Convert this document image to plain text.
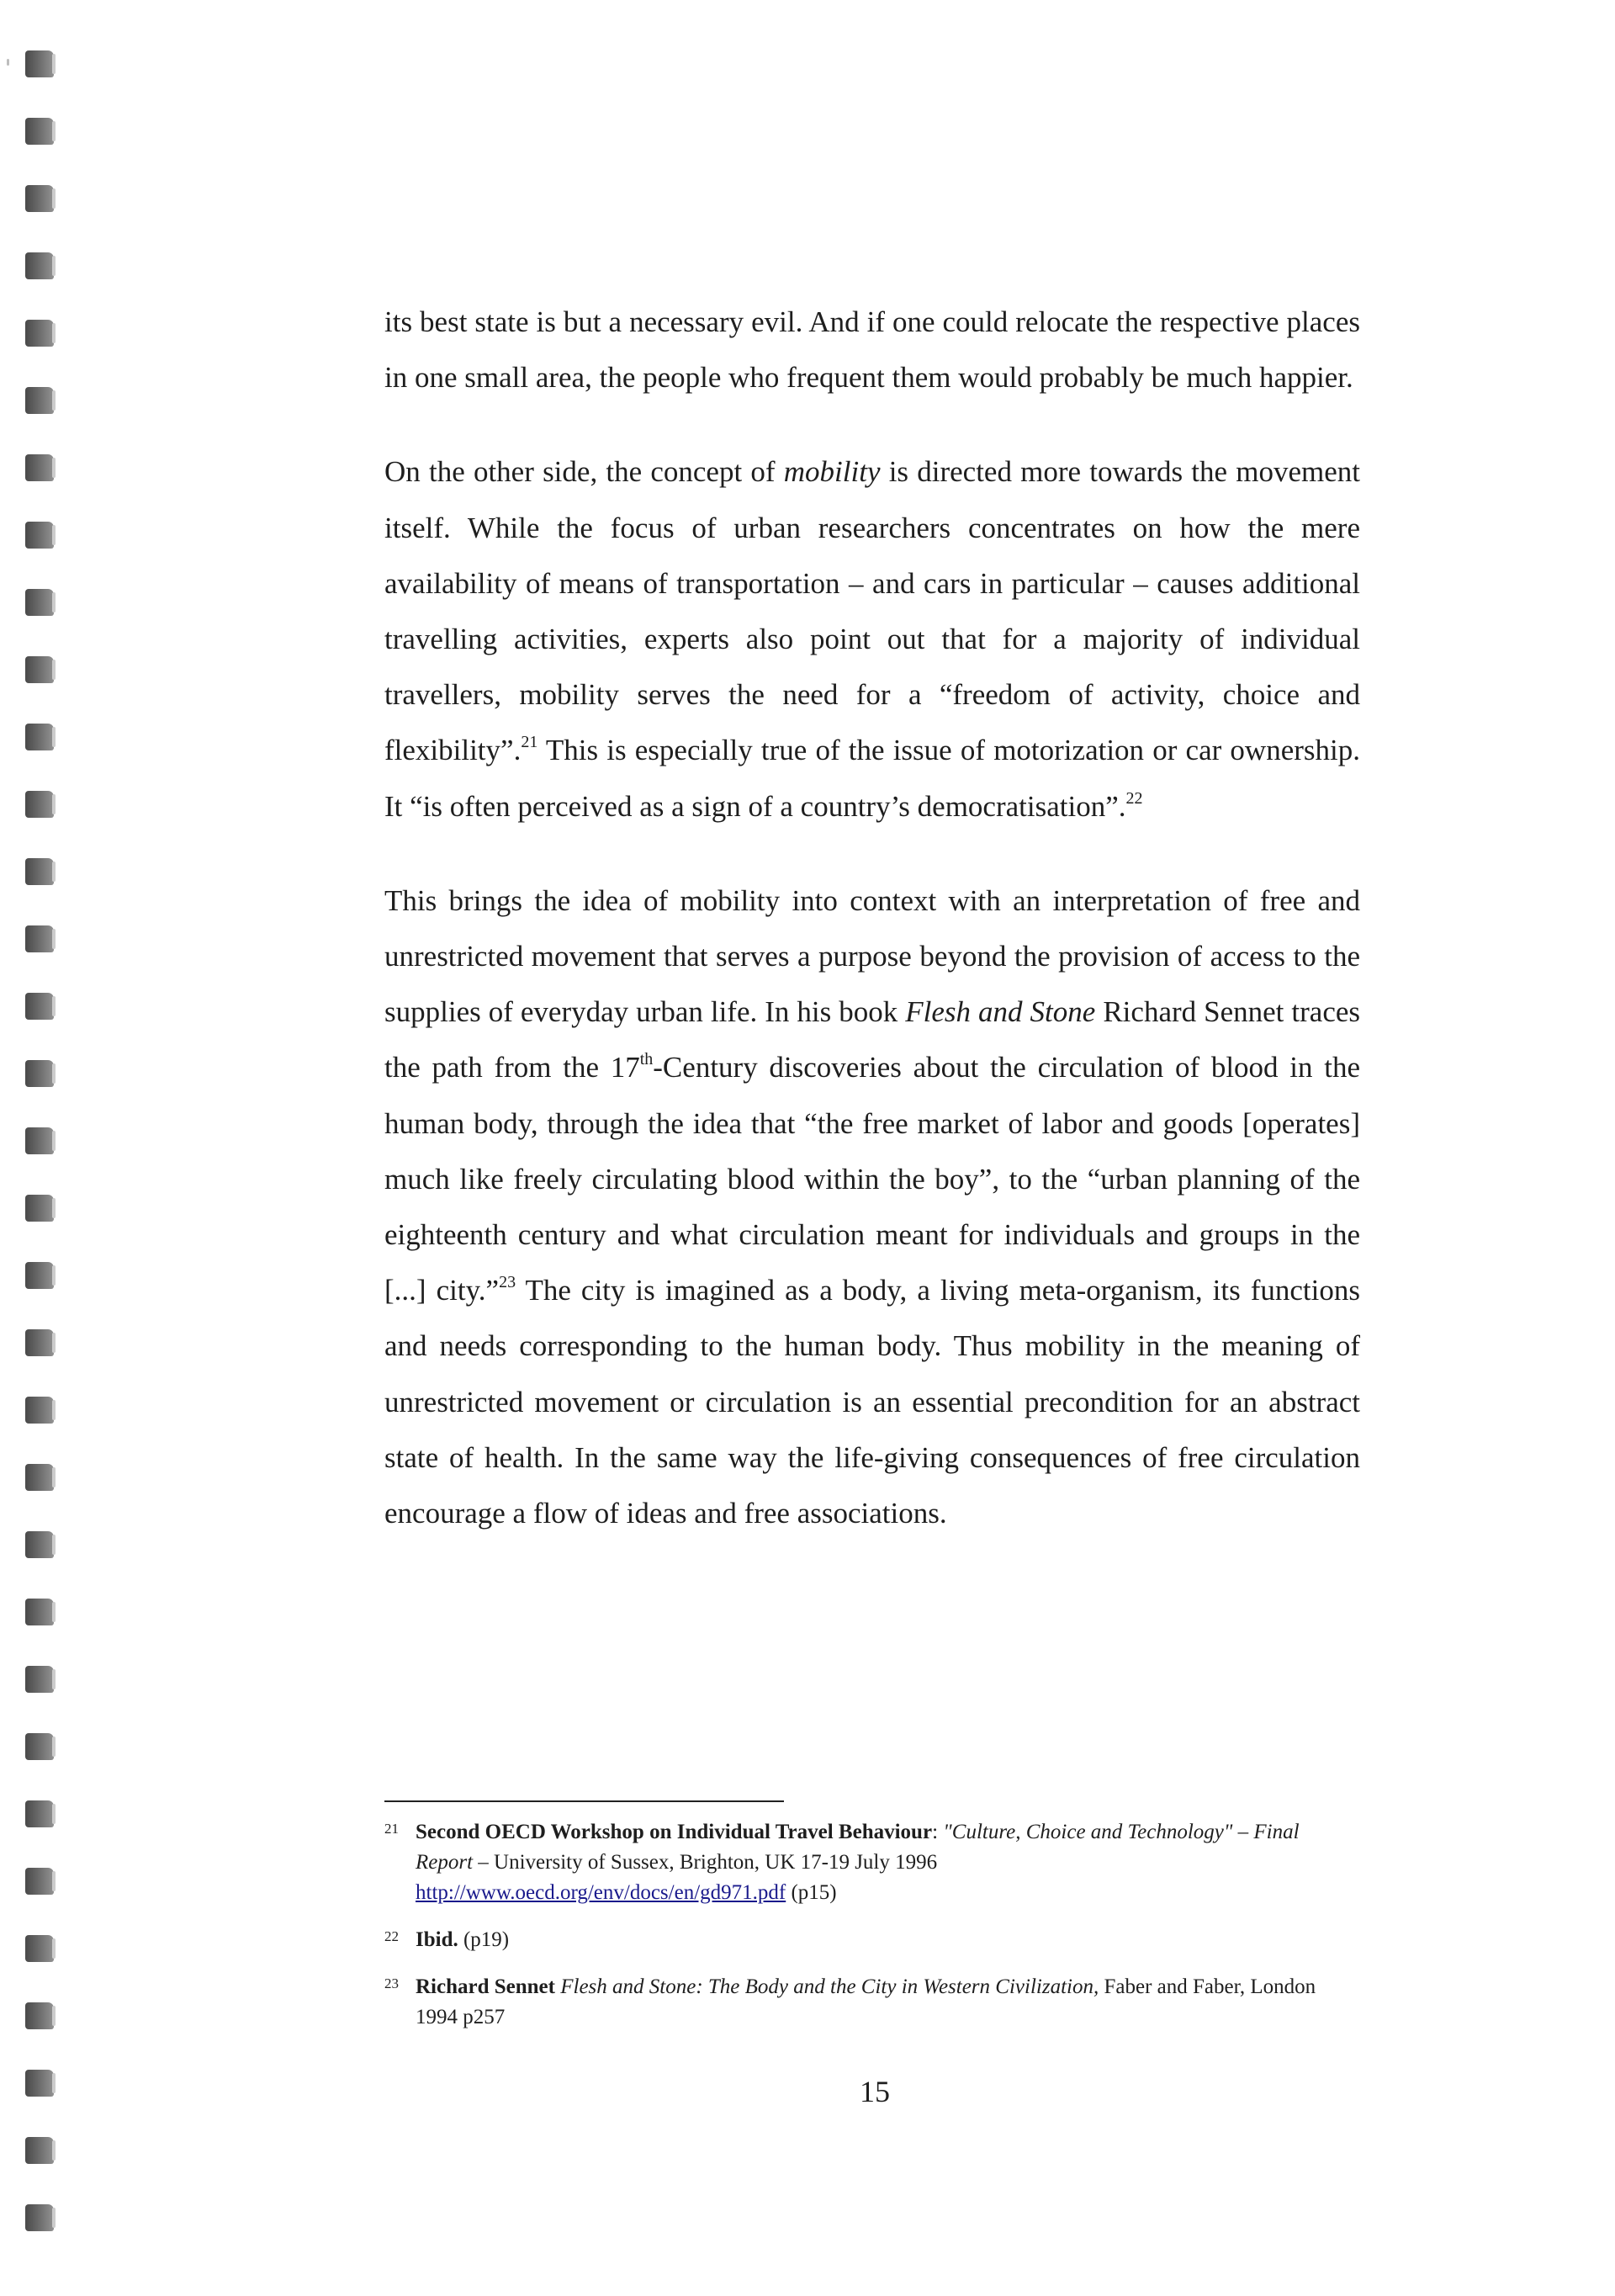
its best state is but a necessary evil. And if one could relocate the respective places in one small area, the people who frequent them would probably be much happier.

On the other side, the concept of mobility is directed more towards the movement itself. While the focus of urban researchers concentrates on how the mere availability of means of transportation – and cars in particular – causes additional travelling activities, experts also point out that for a majority of individual travellers, mobility serves the need for a “freedom of activity, choice and flexibility”.$^{21}$ This is especially true of the issue of motorization or car ownership. It “is often perceived as a sign of a country’s democratisation”.$^{22}$

This brings the idea of mobility into context with an interpretation of free and unrestricted movement that serves a purpose beyond the provision of access to the supplies of everyday urban life. In his book Flesh and Stone Richard Sennet traces the path from the 17th-Century discoveries about the circulation of blood in the human body, through the idea that “the free market of labor and goods [operates] much like freely circulating blood within the boy”, to the “urban planning of the eighteenth century and what circulation meant for individuals and groups in the [...] city.”$^{23}$ The city is imagined as a body, a living meta-organism, its functions and needs corresponding to the human body. Thus mobility in the meaning of unrestricted movement or circulation is an essential precondition for an abstract state of health. In the same way the life-giving consequences of free circulation encourage a flow of ideas and free associations.

21 Second OECD Workshop on Individual Travel Behaviour: "Culture, Choice and Technology" – Final Report – University of Sussex, Brighton, UK 17-19 July 1996
http://www.oecd.org/env/docs/en/gd971.pdf (p15)
22 Ibid. (p19)
23 Richard Sennet Flesh and Stone: The Body and the City in Western Civilization, Faber and Faber, London 1994 p257
15
